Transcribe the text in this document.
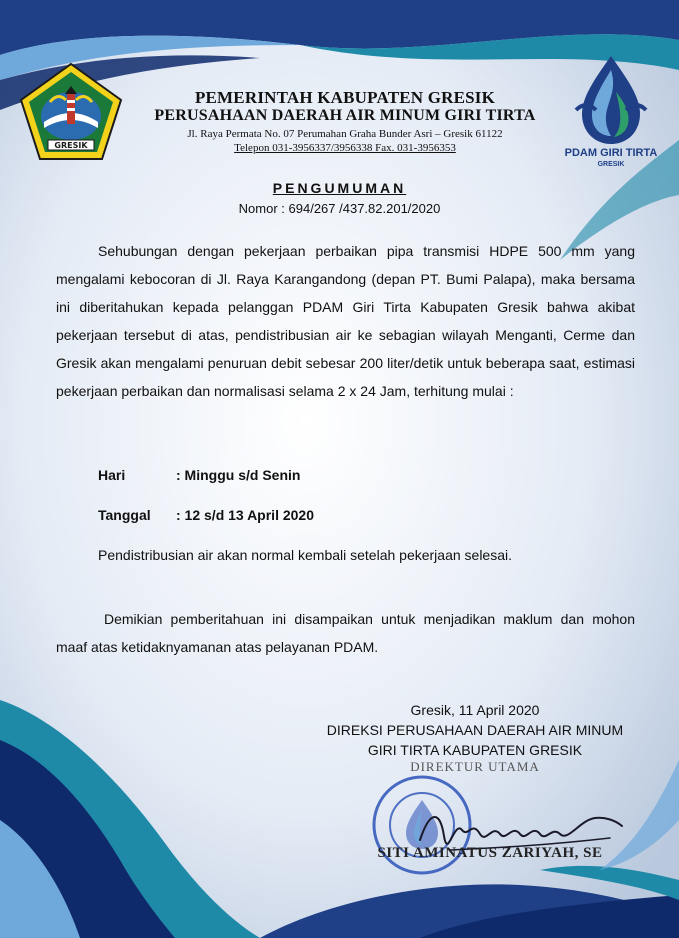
GRESIK
PDAM GIRI TIRTA
GRESIK
PEMERINTAH KABUPATEN GRESIK
PERUSAHAAN DAERAH AIR MINUM GIRI TIRTA
Jl. Raya Permata No. 07 Perumahan Graha Bunder Asri – Gresik 61122
Telepon 031-3956337/3956338 Fax. 031-3956353
PENGUMUMAN
Nomor : 694/267 /437.82.201/2020

Sehubungan dengan pekerjaan perbaikan pipa transmisi HDPE 500 mm yang mengalami kebocoran di Jl. Raya Karangandong (depan PT. Bumi Palapa), maka bersama ini diberitahukan kepada pelanggan PDAM Giri Tirta Kabupaten Gresik bahwa akibat pekerjaan tersebut di atas, pendistribusian air ke sebagian wilayah Menganti, Cerme dan Gresik akan mengalami penuruan debit sebesar 200 liter/detik untuk beberapa saat, estimasi pekerjaan perbaikan dan normalisasi selama 2 x 24 Jam, terhitung mulai :

Hari	: Minggu s/d Senin
Tanggal : 12 s/d 13 April 2020
Pendistribusian air akan normal kembali setelah pekerjaan selesai.

Demikian pemberitahuan ini disampaikan untuk menjadikan maklum dan mohon maaf atas ketidaknyamanan atas pelayanan PDAM.

Gresik, 11 April 2020
DIREKSI PERUSAHAAN DAERAH AIR MINUM
GIRI TIRTA KABUPATEN GRESIK
DIREKTUR UTAMA
SITI AMINATUS ZARIYAH, SE
